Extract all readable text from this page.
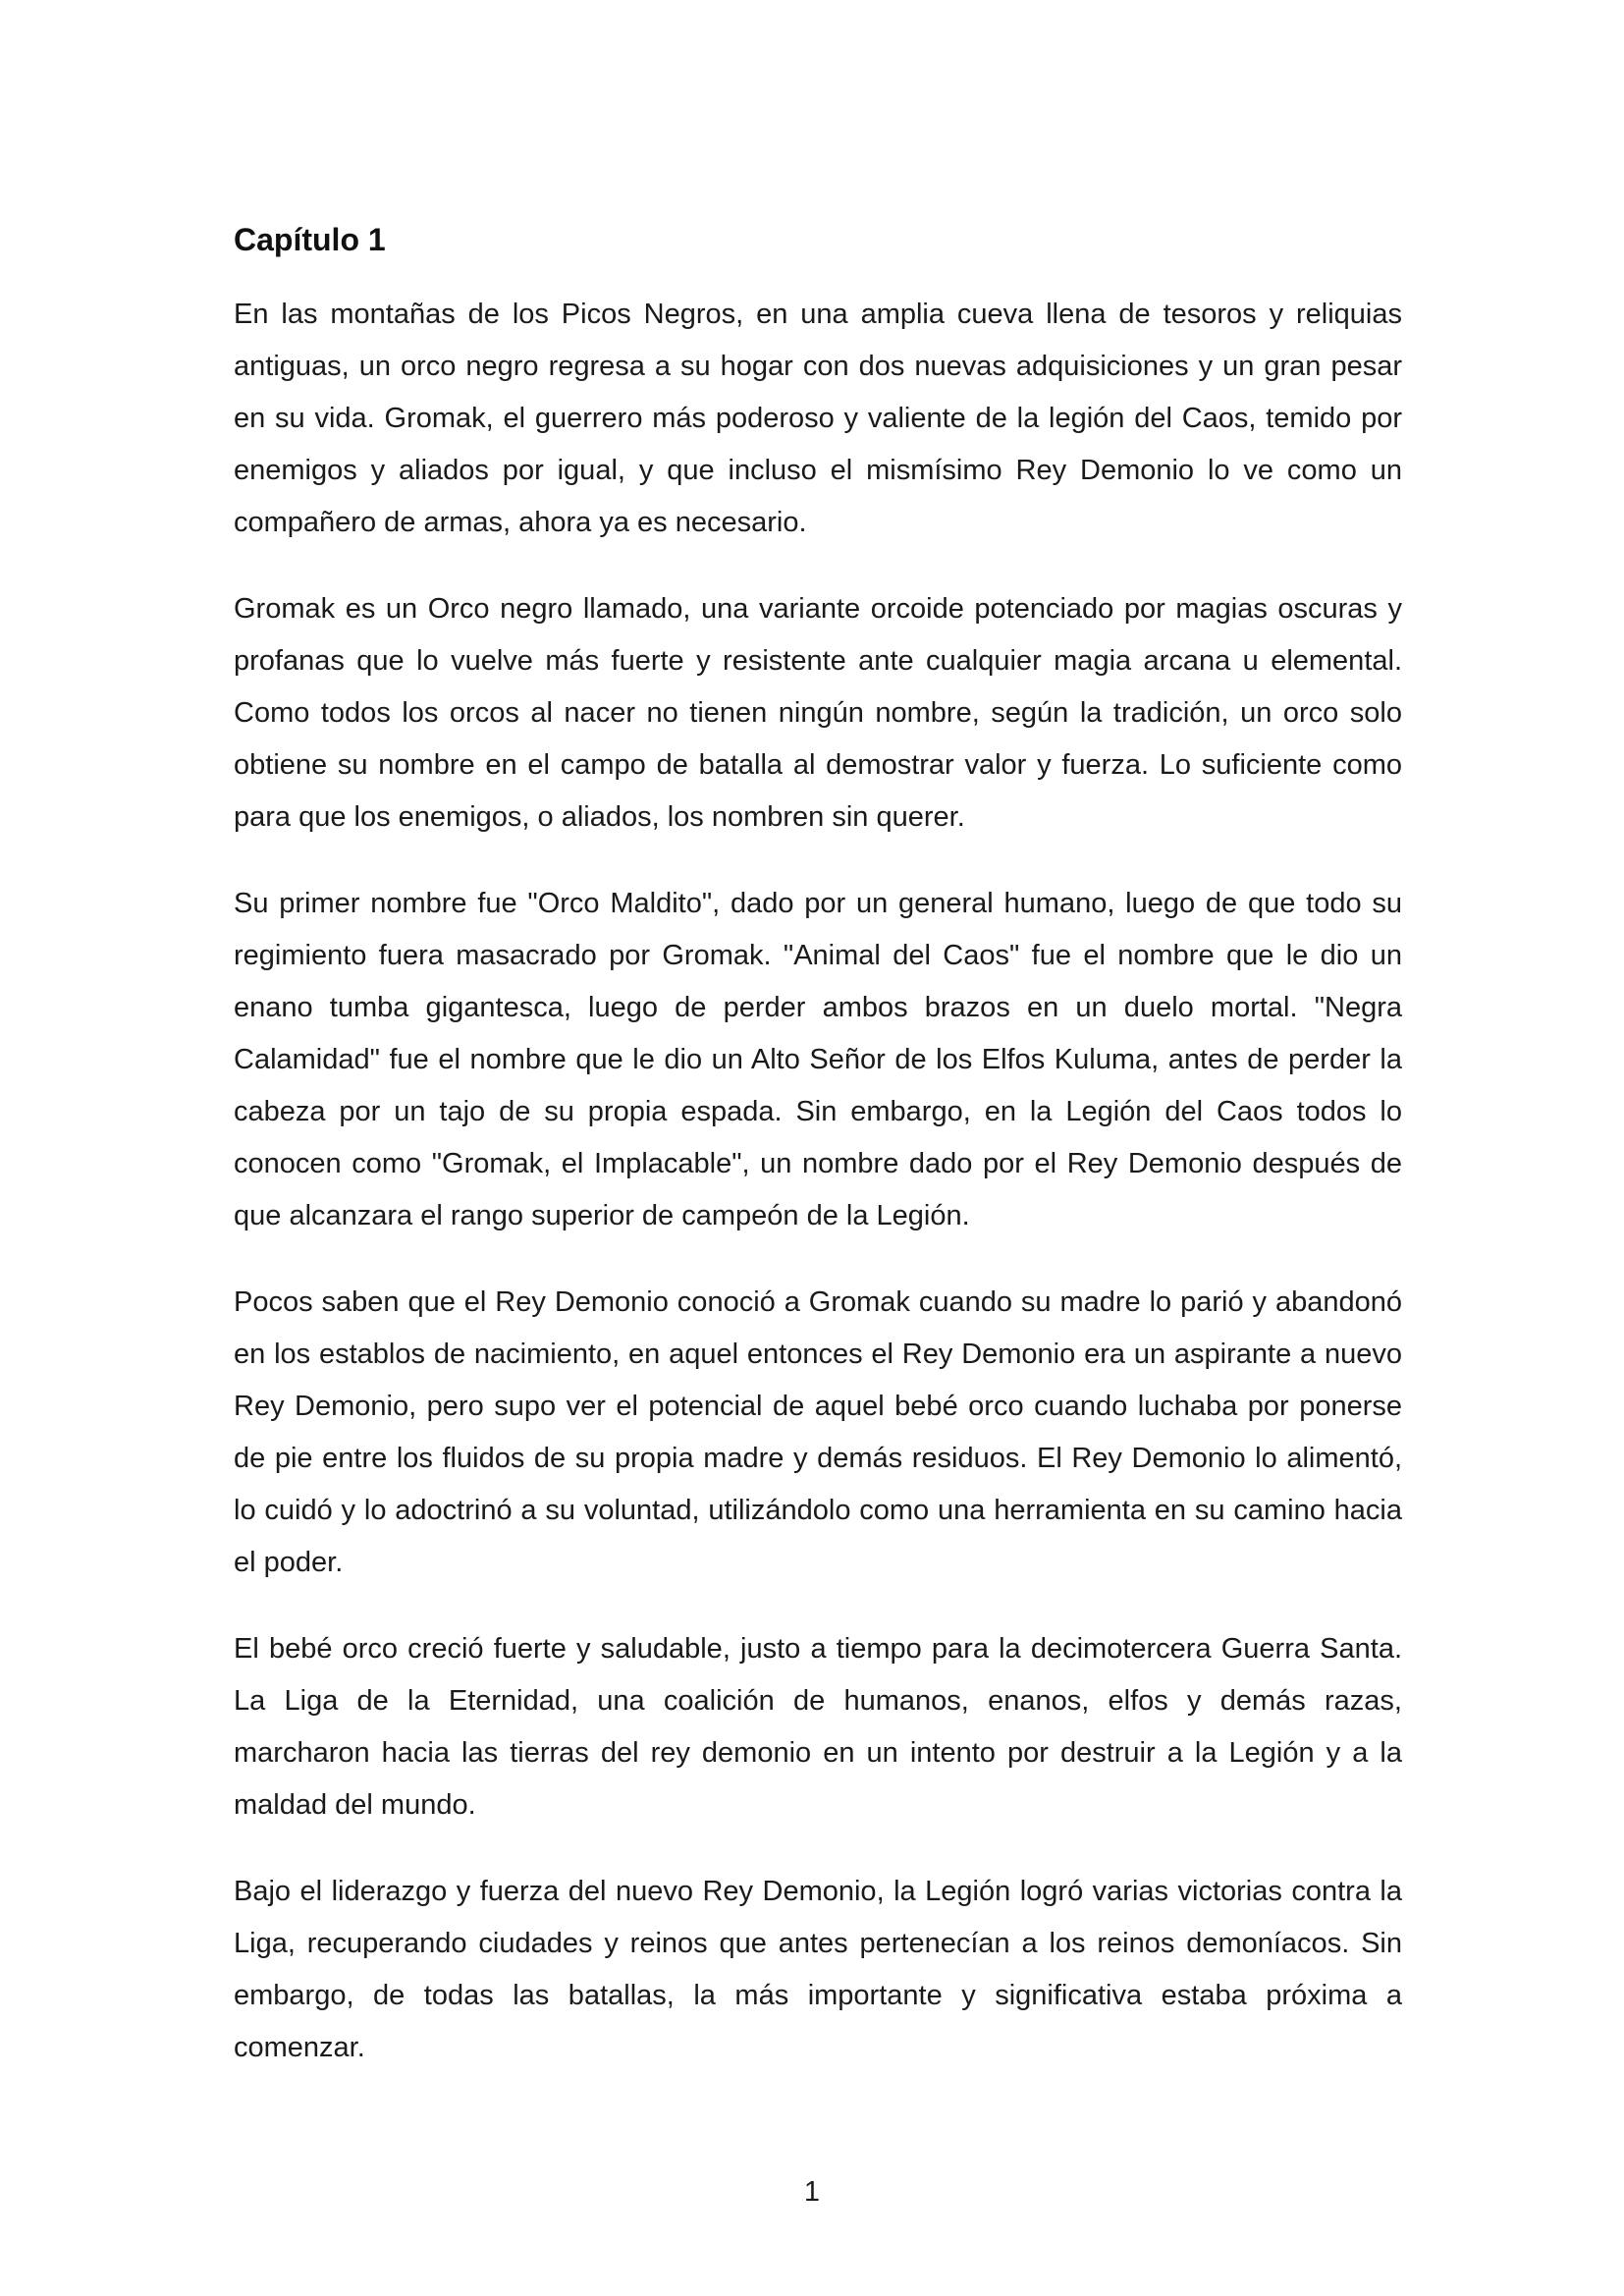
Capítulo 1

En las montañas de los Picos Negros, en una amplia cueva llena de tesoros y reliquias antiguas, un orco negro regresa a su hogar con dos nuevas adquisiciones y un gran pesar en su vida. Gromak, el guerrero más poderoso y valiente de la legión del Caos, temido por enemigos y aliados por igual, y que incluso el mismísimo Rey Demonio lo ve como un compañero de armas, ahora ya es necesario.

Gromak es un Orco negro llamado, una variante orcoide potenciado por magias oscuras y profanas que lo vuelve más fuerte y resistente ante cualquier magia arcana u elemental. Como todos los orcos al nacer no tienen ningún nombre, según la tradición, un orco solo obtiene su nombre en el campo de batalla al demostrar valor y fuerza. Lo suficiente como para que los enemigos, o aliados, los nombren sin querer.

Su primer nombre fue "Orco Maldito", dado por un general humano, luego de que todo su regimiento fuera masacrado por Gromak. "Animal del Caos" fue el nombre que le dio un enano tumba gigantesca, luego de perder ambos brazos en un duelo mortal. "Negra Calamidad" fue el nombre que le dio un Alto Señor de los Elfos Kuluma, antes de perder la cabeza por un tajo de su propia espada. Sin embargo, en la Legión del Caos todos lo conocen como "Gromak, el Implacable", un nombre dado por el Rey Demonio después de que alcanzara el rango superior de campeón de la Legión.

Pocos saben que el Rey Demonio conoció a Gromak cuando su madre lo parió y abandonó en los establos de nacimiento, en aquel entonces el Rey Demonio era un aspirante a nuevo Rey Demonio, pero supo ver el potencial de aquel bebé orco cuando luchaba por ponerse de pie entre los fluidos de su propia madre y demás residuos. El Rey Demonio lo alimentó, lo cuidó y lo adoctrinó a su voluntad, utilizándolo como una herramienta en su camino hacia el poder.

El bebé orco creció fuerte y saludable, justo a tiempo para la decimotercera Guerra Santa. La Liga de la Eternidad, una coalición de humanos, enanos, elfos y demás razas, marcharon hacia las tierras del rey demonio en un intento por destruir a la Legión y a la maldad del mundo.

Bajo el liderazgo y fuerza del nuevo Rey Demonio, la Legión logró varias victorias contra la Liga, recuperando ciudades y reinos que antes pertenecían a los reinos demoníacos. Sin embargo, de todas las batallas, la más importante y significativa estaba próxima a comenzar.

1
